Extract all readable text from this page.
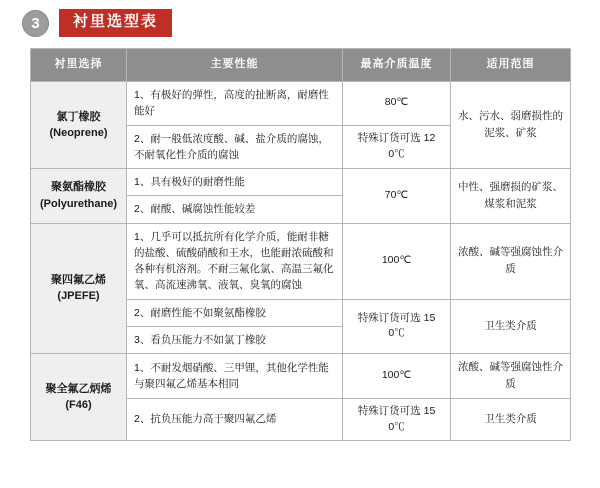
3	衬里选型表
衬里选择	主要性能	最高介质温度	适用范围

氯丁橡胶
(Neoprene)	1、有极好的弹性，高度的扯断离，耐磨性能好	80℃	水、污水、弱磨损性的泥浆、矿浆
	2、耐一般低浓度酸、碱、盐介质的腐蚀，不耐氧化性介质的腐蚀	特殊订货可选 120℃	

聚氨酯橡胶
(Polyurethane)	1、具有极好的耐磨性能	70℃	中性、强磨损的矿浆、煤浆和泥浆
	2、耐酸、碱腐蚀性能较差		

聚四氟乙烯
(JPEFE)	1、几乎可以抵抗所有化学介质，能耐非糖的盐酸、硫酸硝酸和王水，也能耐浓硫酸和各种有机溶剂。不耐三氟化氯、高温三氟化氧、高流速沸氧、液氧、臭氧的腐蚀	100℃	浓酸、碱等强腐蚀性介质
	2、耐磨性能不如聚氨酯橡胶	特殊订货可选 150℃	卫生类介质
	3、看负压能力不如氯丁橡胶		

聚全氟乙炳烯
(F46)	1、不耐发烟硝酸、三甲锂，其他化学性能与聚四氟乙烯基本相同	100℃	浓酸、碱等强腐蚀性介质
	2、抗负压能力高于聚四氟乙烯	特殊订货可选 150℃	卫生类介质
